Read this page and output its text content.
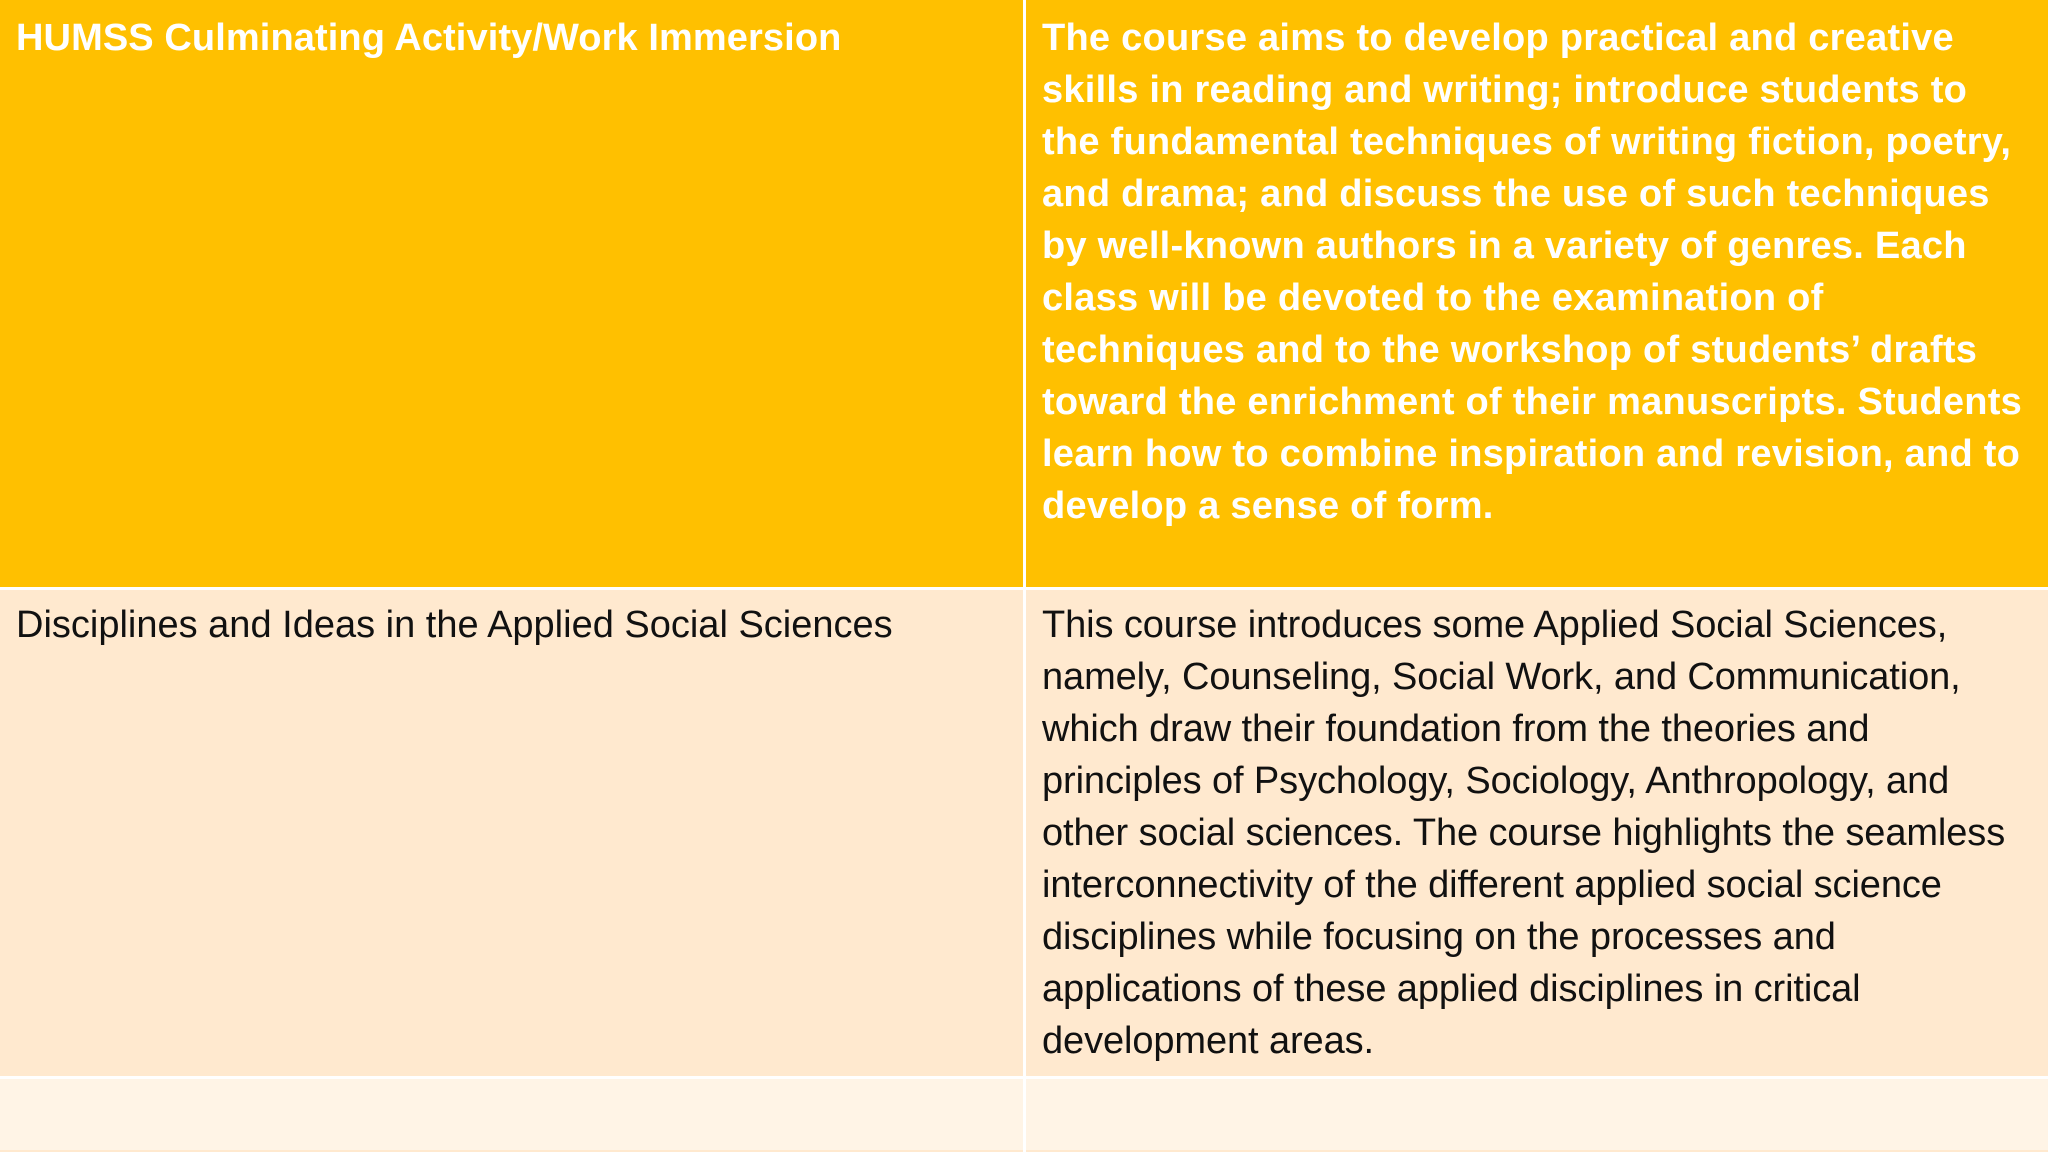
HUMSS Culminating Activity/Work Immersion	The course aims to develop practical and creative skills in reading and writing; introduce students to the fundamental techniques of writing fiction, poetry, and drama; and discuss the use of such techniques by well-known authors in a variety of genres. Each class will be devoted to the examination of techniques and to the workshop of students’ drafts toward the enrichment of their manuscripts. Students learn how to combine inspiration and revision, and to develop a sense of form.
Disciplines and Ideas in the Applied Social Sciences	This course introduces some Applied Social Sciences, namely, Counseling, Social Work, and Communication, which draw their foundation from the theories and principles of Psychology, Sociology, Anthropology, and other social sciences. The course highlights the seamless interconnectivity of the different applied social science disciplines while focusing on the processes and applications of these applied disciplines in critical development areas.
